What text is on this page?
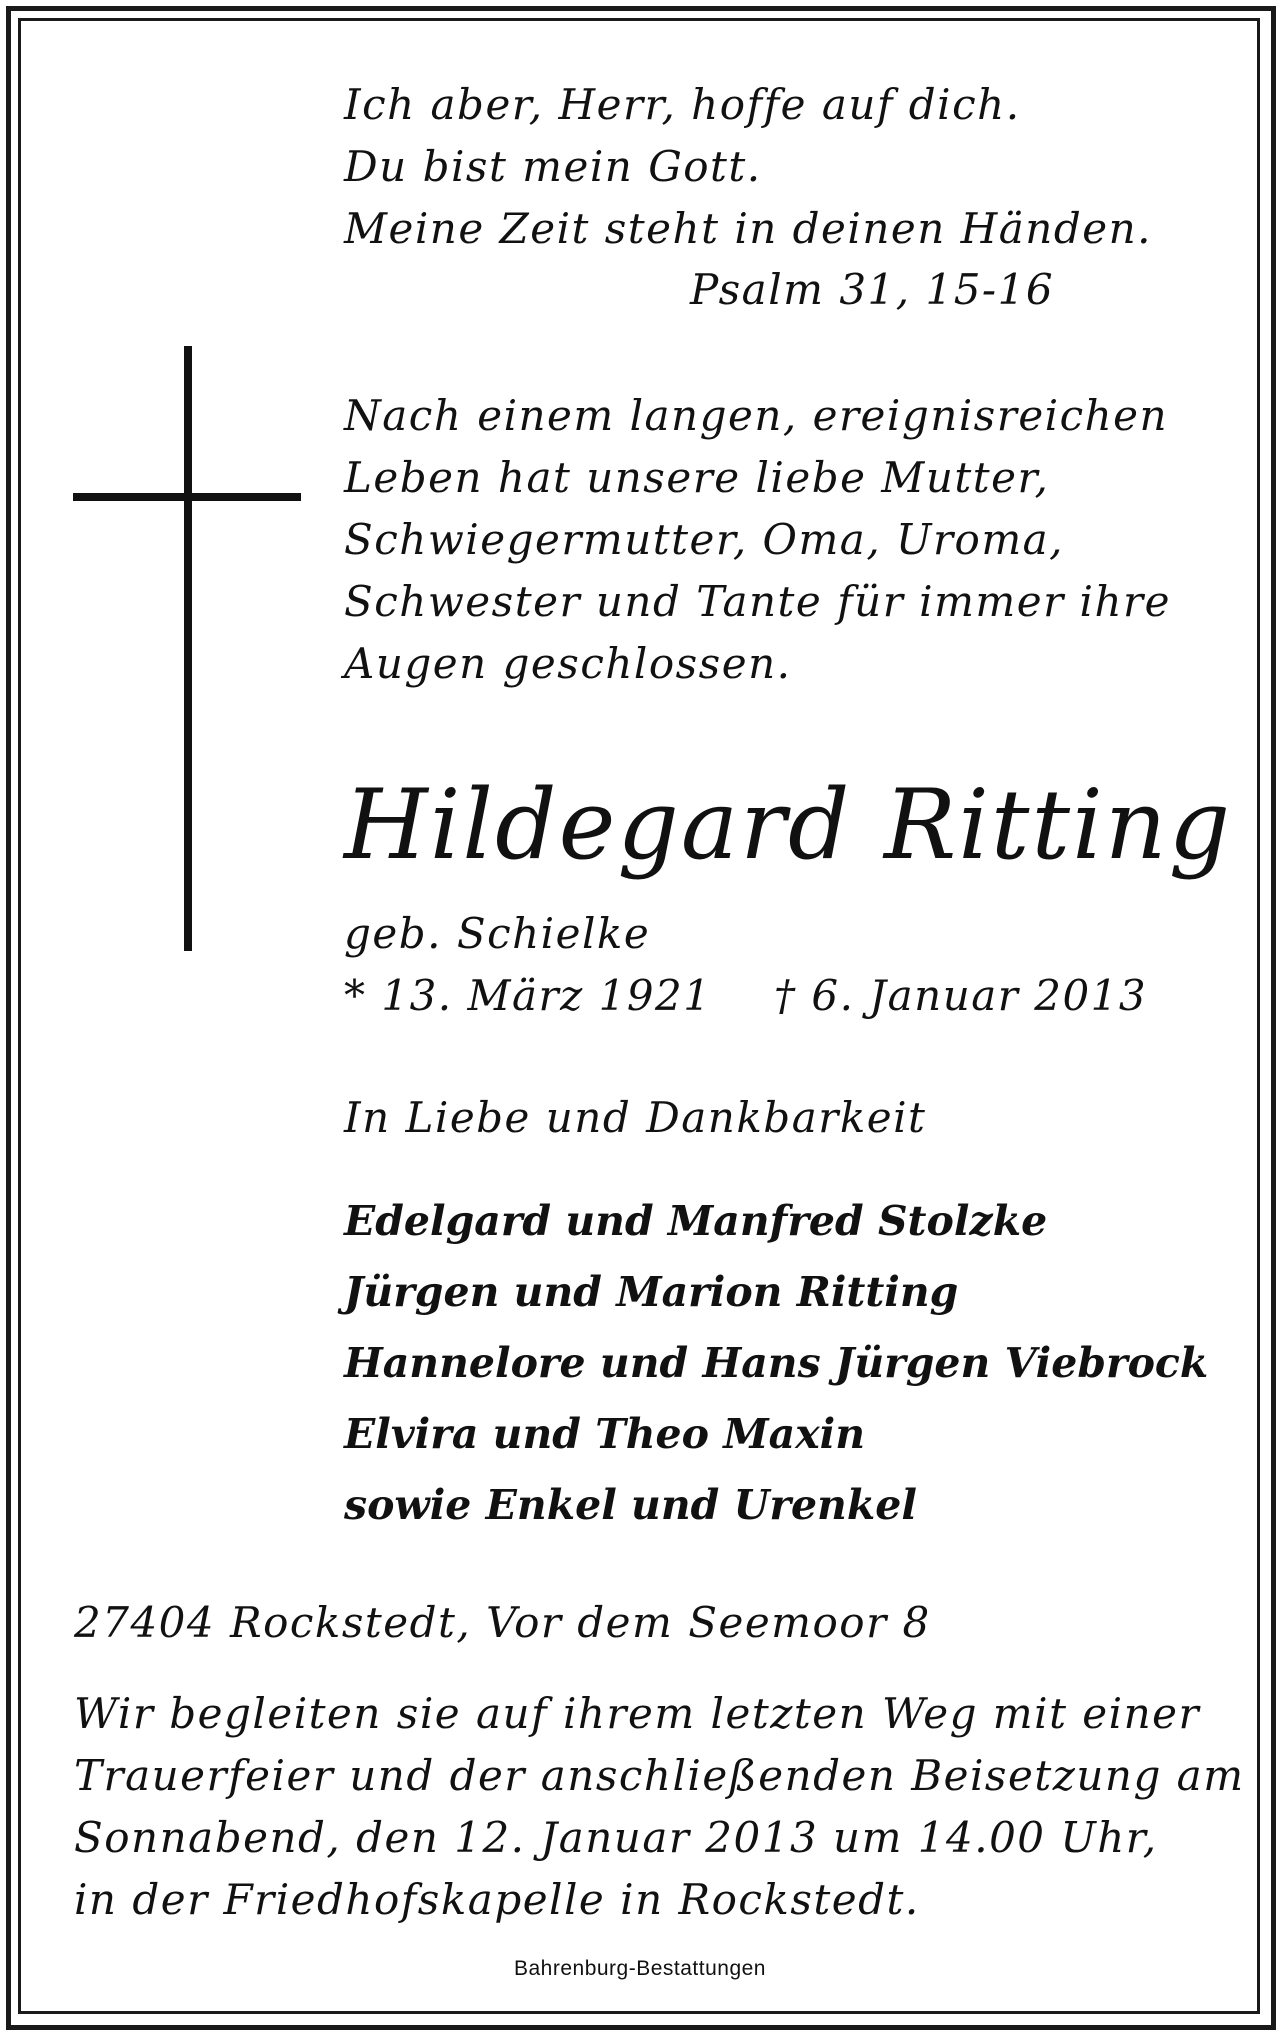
Ich aber, Herr, hoffe auf dich.
Du bist mein Gott.
Meine Zeit steht in deinen Händen.
Psalm 31, 15-16
Nach einem langen, ereignisreichen
Leben hat unsere liebe Mutter,
Schwiegermutter, Oma, Uroma,
Schwester und Tante für immer ihre
Augen geschlossen.
Hildegard Ritting
geb. Schielke
* 13. März 1921 † 6. Januar 2013
In Liebe und Dankbarkeit
Edelgard und Manfred Stolzke
Jürgen und Marion Ritting
Hannelore und Hans Jürgen Viebrock
Elvira und Theo Maxin
sowie Enkel und Urenkel
27404 Rockstedt, Vor dem Seemoor 8
Wir begleiten sie auf ihrem letzten Weg mit einer
Trauerfeier und der anschließenden Beisetzung am
Sonnabend, den 12. Januar 2013 um 14.00 Uhr,
in der Friedhofskapelle in Rockstedt.
Bahrenburg-Bestattungen
